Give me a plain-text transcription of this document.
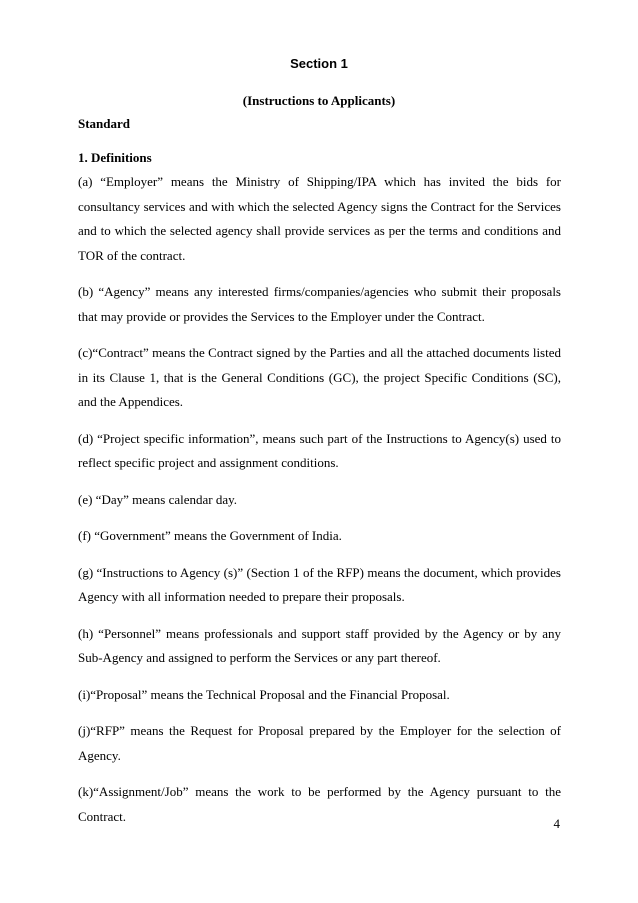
Section 1
(Instructions to Applicants)
Standard
1. Definitions

(a) “Employer” means the Ministry of Shipping/IPA which has invited the bids for consultancy services and with which the selected Agency signs the Contract for the Services and to which the selected agency shall provide services as per the terms and conditions and TOR of the contract.

(b) “Agency” means any interested firms/companies/agencies who submit their proposals that may provide or provides the Services to the Employer under the Contract.

(c)“Contract” means the Contract signed by the Parties and all the attached documents listed in its Clause 1, that is the General Conditions (GC), the project Specific Conditions (SC), and the Appendices.

(d) “Project specific information”, means such part of the Instructions to Agency(s) used to reflect specific project and assignment conditions.

(e) “Day” means calendar day.

(f) “Government” means the Government of India.

(g) “Instructions to Agency (s)” (Section 1 of the RFP) means the document, which provides Agency with all information needed to prepare their proposals.

(h) “Personnel” means professionals and support staff provided by the Agency or by any Sub-Agency and assigned to perform the Services or any part thereof.

(i)“Proposal” means the Technical Proposal and the Financial Proposal.

(j)“RFP” means the Request for Proposal prepared by the Employer for the selection of Agency.

(k)“Assignment/Job” means the work to be performed by the Agency pursuant to the Contract.	4
